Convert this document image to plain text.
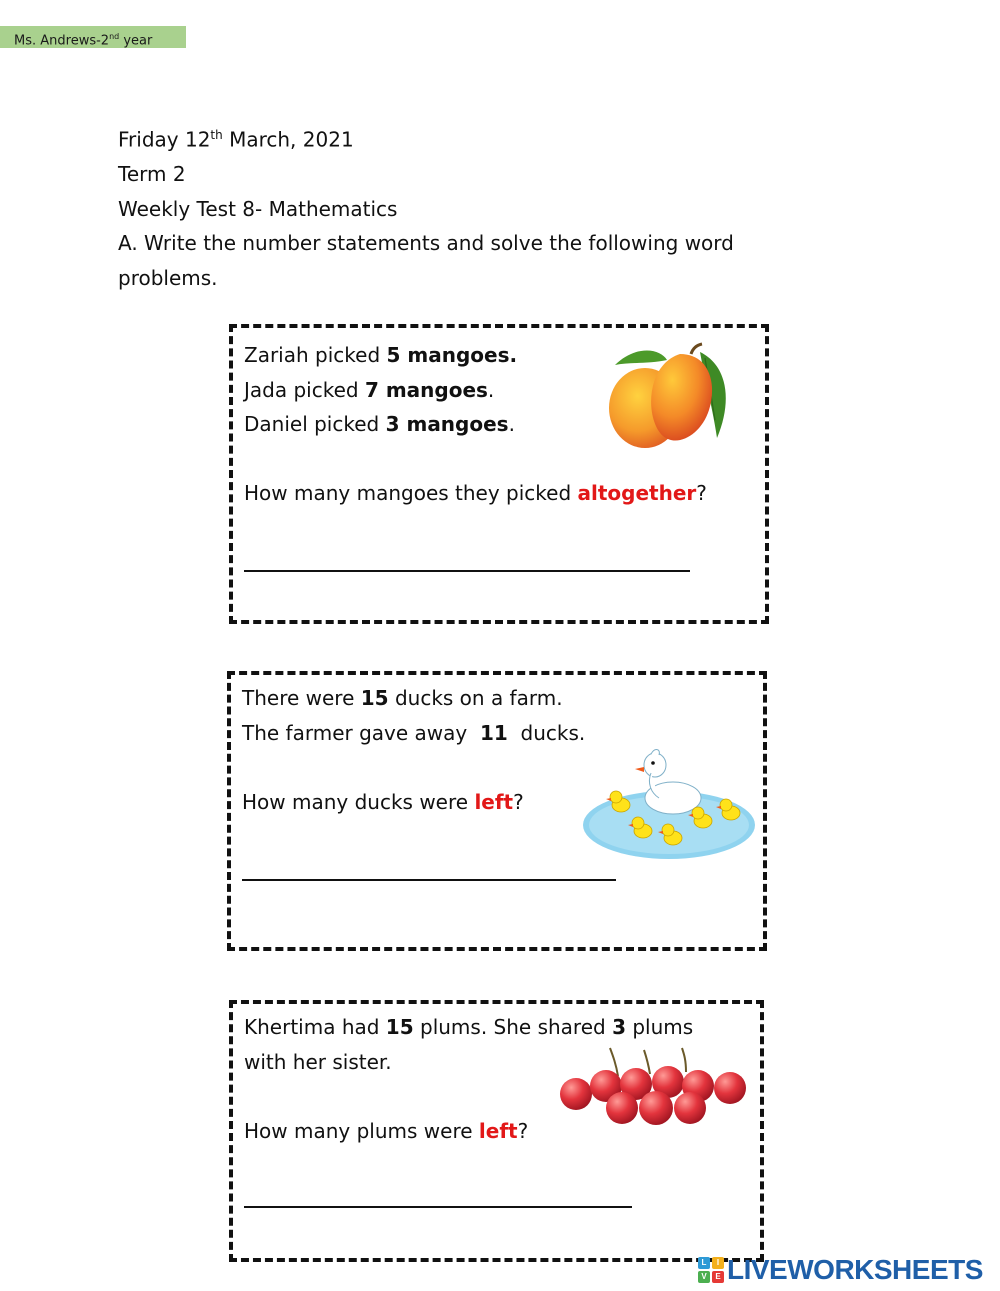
Ms. Andrews-2nd year
Friday 12th March, 2021
Term 2
Weekly Test 8- Mathematics
A. Write the number statements and solve the following word problems.

Zariah picked 5 mangoes.

Jada picked 7 mangoes.

Daniel picked 3 mangoes.

How many mangoes they picked altogether?

There were 15 ducks on a farm.

The farmer gave away  11  ducks.

How many ducks were left?

Khertima had 15 plums. She shared 3 plums

with her sister.

How many plums were left?

L	I
V	E LIVEWORKSHEETS
